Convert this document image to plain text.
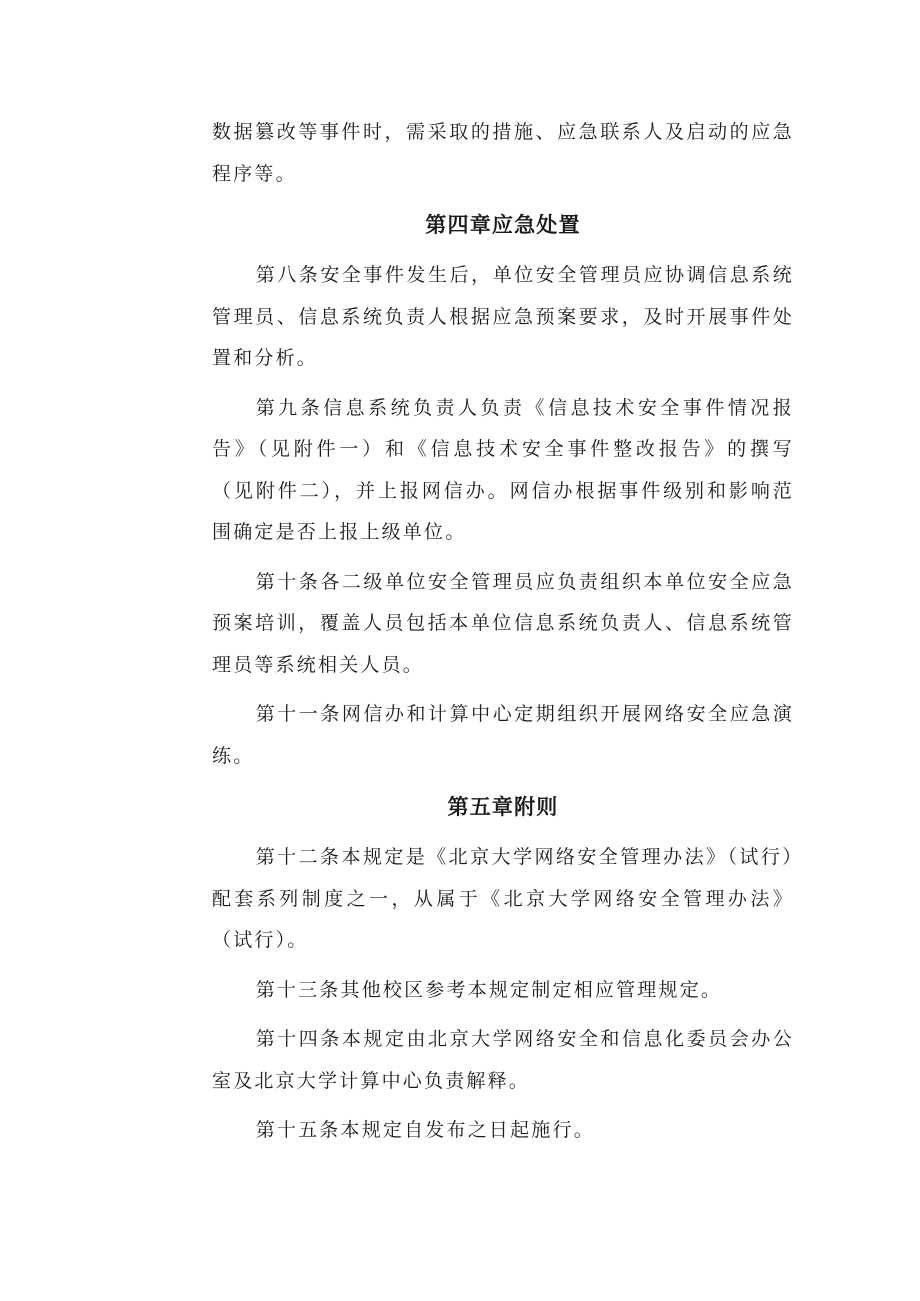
数据篡改等事件时，需采取的措施、应急联系人及启动的应急程序等。

第四章应急处置

第八条安全事件发生后，单位安全管理员应协调信息系统管理员、信息系统负责人根据应急预案要求，及时开展事件处置和分析。

第九条信息系统负责人负责《信息技术安全事件情况报告》（见附件一）和《信息技术安全事件整改报告》的撰写（见附件二），并上报网信办。网信办根据事件级别和影响范围确定是否上报上级单位。

第十条各二级单位安全管理员应负责组织本单位安全应急预案培训，覆盖人员包括本单位信息系统负责人、信息系统管理员等系统相关人员。

第十一条网信办和计算中心定期组织开展网络安全应急演练。

第五章附则

第十二条本规定是《北京大学网络安全管理办法》（试行）配套系列制度之一，从属于《北京大学网络安全管理办法》（试行）。

第十三条其他校区参考本规定制定相应管理规定。

第十四条本规定由北京大学网络安全和信息化委员会办公室及北京大学计算中心负责解释。

第十五条本规定自发布之日起施行。
